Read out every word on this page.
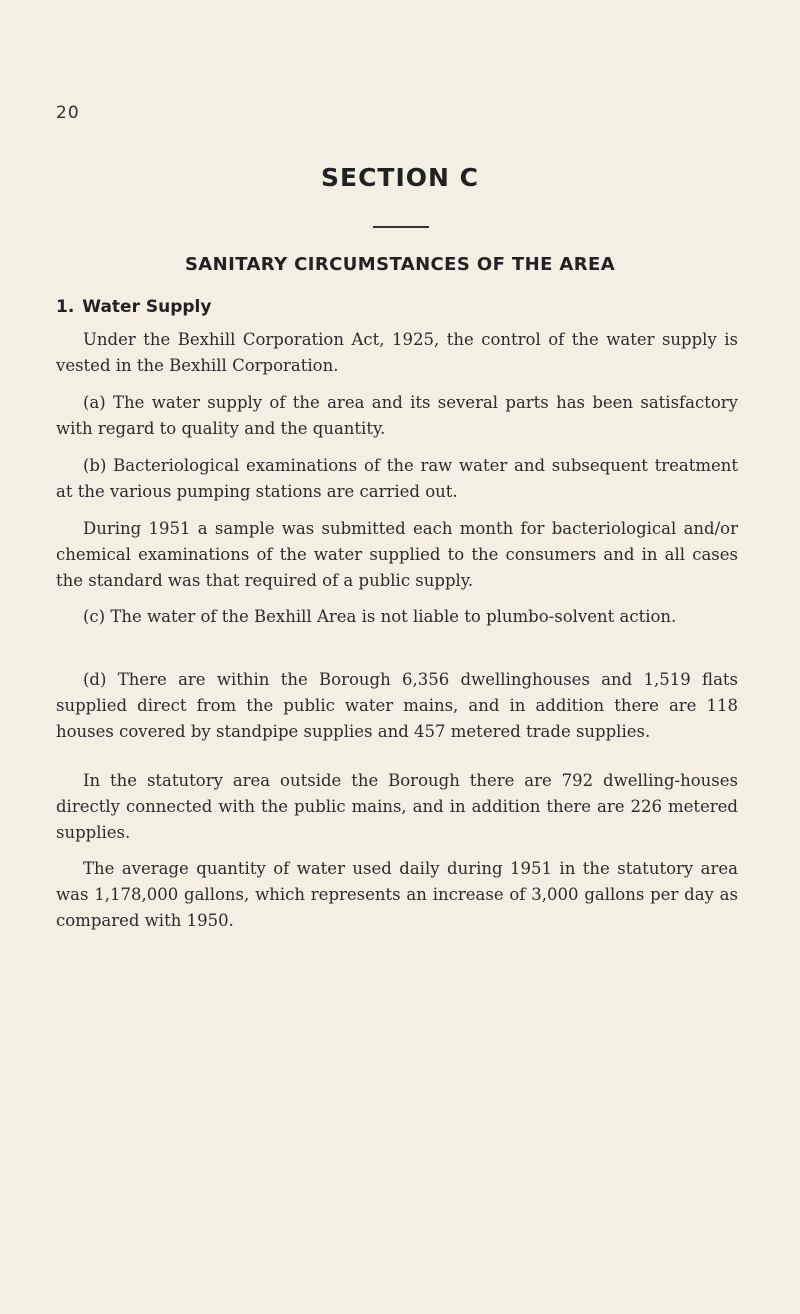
20
SECTION C
SANITARY CIRCUMSTANCES OF THE AREA
1. Water Supply

Under the Bexhill Corporation Act, 1925, the control of the water supply is vested in the Bexhill Corporation.

(a) The water supply of the area and its several parts has been satisfactory with regard to quality and the quantity.

(b) Bacteriological examinations of the raw water and subsequent treatment at the various pumping stations are carried out.

During 1951 a sample was submitted each month for bacteriological and/or chemical examinations of the water supplied to the consumers and in all cases the standard was that required of a public supply.

(c) The water of the Bexhill Area is not liable to plumbo-solvent action.

(d) There are within the Borough 6,356 dwellinghouses and 1,519 flats supplied direct from the public water mains, and in addition there are 118 houses covered by standpipe supplies and 457 metered trade supplies.

In the statutory area outside the Borough there are 792 dwelling-houses directly connected with the public mains, and in addition there are 226 metered supplies.

The average quantity of water used daily during 1951 in the statutory area was 1,178,000 gallons, which represents an increase of 3,000 gallons per day as compared with 1950.
